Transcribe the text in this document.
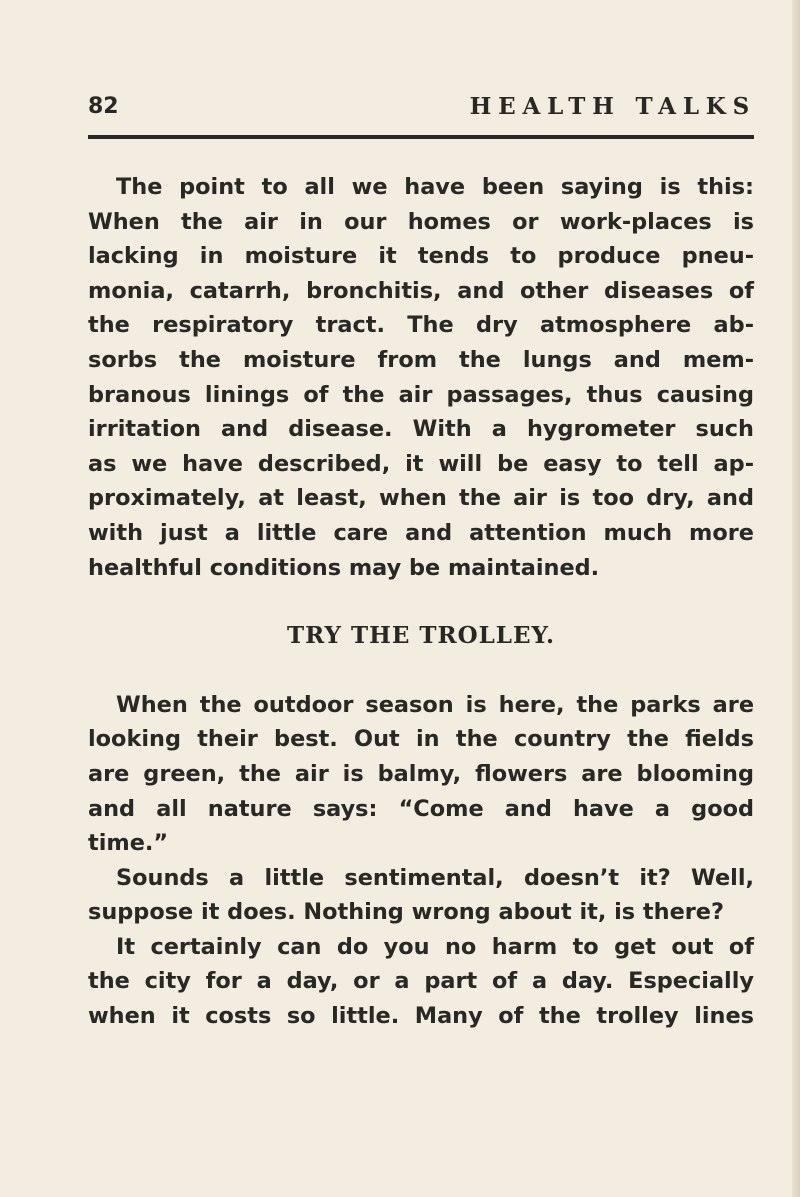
82	HEALTH TALKS
The point to all we have been saying is this:
When the air in our homes or work-places is
lacking in moisture it tends to produce pneu-
monia, catarrh, bronchitis, and other diseases of
the respiratory tract. The dry atmosphere ab-
sorbs the moisture from the lungs and mem-
branous linings of the air passages, thus causing
irritation and disease. With a hygrometer such
as we have described, it will be easy to tell ap-
proximately, at least, when the air is too dry, and
with just a little care and attention much more
healthful conditions may be maintained.
TRY THE TROLLEY.
When the outdoor season is here, the parks are
looking their best. Out in the country the fields
are green, the air is balmy, flowers are blooming
and all nature says: “Come and have a good
time.”
Sounds a little sentimental, doesn’t it? Well,
suppose it does. Nothing wrong about it, is there?
It certainly can do you no harm to get out of
the city for a day, or a part of a day. Especially
when it costs so little. Many of the trolley lines
